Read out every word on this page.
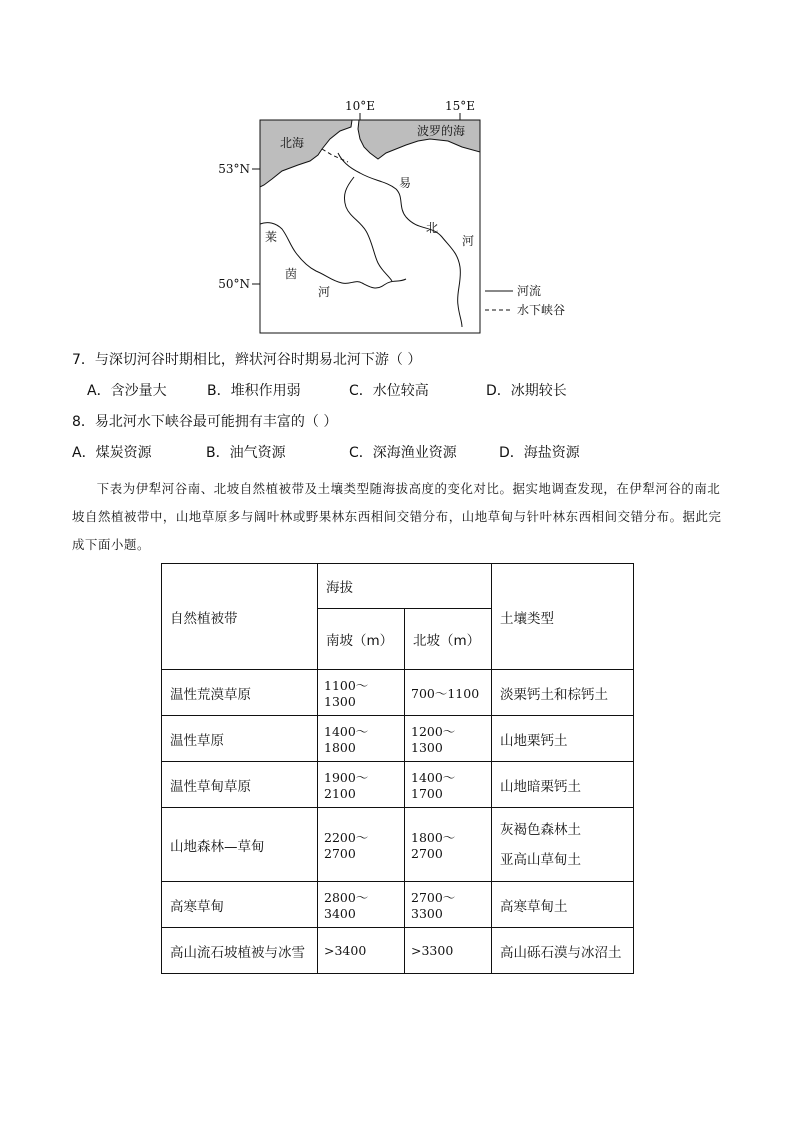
10°E	15°E
53°N
50°N
北海
波罗的海
易
北
河
莱
茵
河	河流
水下峡谷
7．与深切河谷时期相比，辫状河谷时期易北河下游（ ）
A．含沙量大	B．堆积作用弱	C．水位较高	D．冰期较长
8．易北河水下峡谷最可能拥有丰富的（ ）
A．煤炭资源	B．油气资源	C．深海渔业资源	D．海盐资源

下表为伊犁河谷南、北坡自然植被带及土壤类型随海拔高度的变化对比。据实地调查发现，在伊犁河谷的南北坡自然植被带中，山地草原多与阔叶林或野果林东西相间交错分布，山地草甸与针叶林东西相间交错分布。据此完成下面小题。

自然植被带	海拔		土壤类型
	南坡（m）	北坡（m）	
温性荒漠草原	1100～1300	700～1100	淡栗钙土和棕钙土
温性草原	1400～1800	1200～1300	山地栗钙土
温性草甸草原	1900～2100	1400～1700	山地暗栗钙土
山地森林—草甸	2200～2700	1800～2700	灰褐色森林土
亚高山草甸土

高寒草甸	2800～3400	2700～3300	高寒草甸土
高山流石坡植被与冰雪	>3400	>3300	高山砾石漠与冰沼土
